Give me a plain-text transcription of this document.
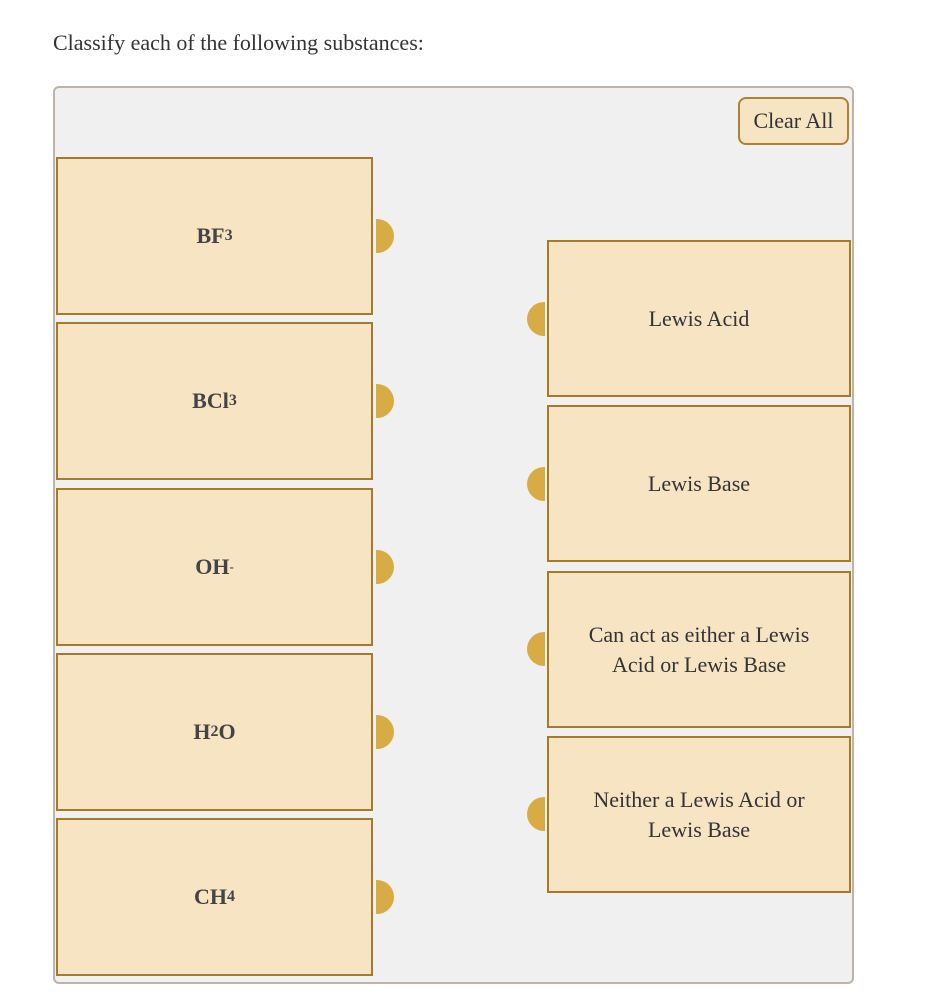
Classify each of the following substances:
Clear All
BF 3
BCl 3
OH -
H 2 O
CH 4
Lewis Acid
Lewis Base
Can act as either a Lewis Acid or Lewis Base
Neither a Lewis Acid or Lewis Base
